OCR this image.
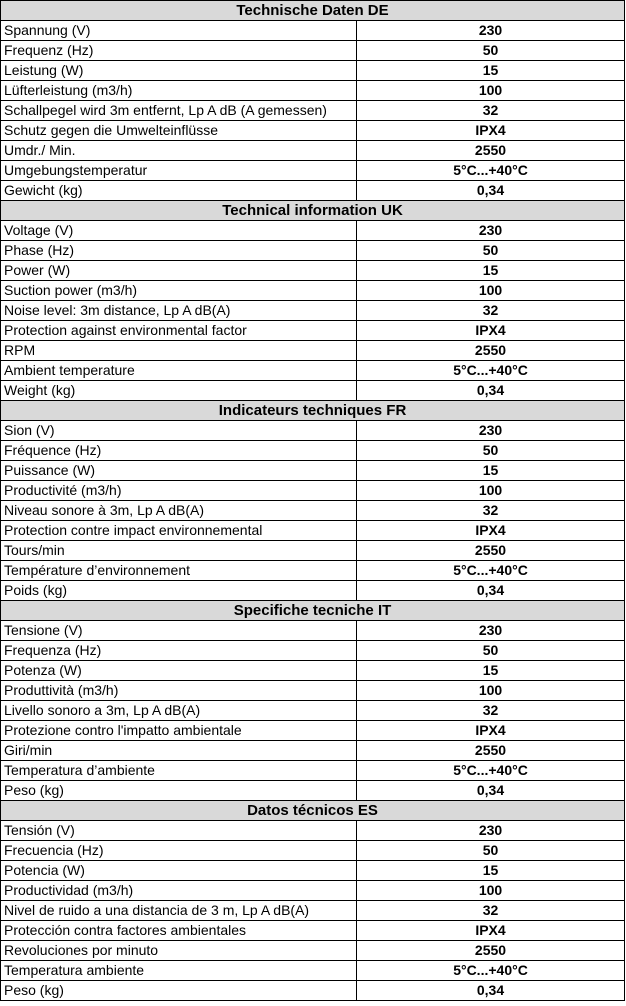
Technische Daten DE	
Spannung (V)	230
Frequenz (Hz)	50
Leistung (W)	15
Lüfterleistung (m3/h)	100
Schallpegel wird 3m entfernt, Lp A dB (A gemessen)	32
Schutz gegen die Umwelteinflüsse	IPX4
Umdr./ Min.	2550
Umgebungstemperatur	5°C...+40°C
Gewicht (kg)	0,34
Technical information UK	
Voltage (V)	230
Phase (Hz)	50
Power (W)	15
Suction power (m3/h)	100
Noise level: 3m distance, Lp A dB(A)	32
Protection against environmental factor	IPX4
RPM	2550
Ambient temperature	5°C...+40°C
Weight (kg)	0,34
Indicateurs techniques FR	
Sion (V)	230
Fréquence (Hz)	50
Puissance (W)	15
Productivité (m3/h)	100
Niveau sonore à 3m, Lp A dB(A)	32
Protection contre impact environnemental	IPX4
Tours/min	2550
Température d’environnement	5°C...+40°C
Poids (kg)	0,34
Specifiche tecniche IT	
Tensione (V)	230
Frequenza (Hz)	50
Potenza (W)	15
Produttività (m3/h)	100
Livello sonoro a 3m, Lp A dB(A)	32
Protezione contro l'impatto ambientale	IPX4
Giri/min	2550
Temperatura d’ambiente	5°C...+40°C
Peso (kg)	0,34
Datos técnicos ES	
Tensión (V)	230
Frecuencia (Hz)	50
Potencia (W)	15
Productividad (m3/h)	100
Nivel de ruido a una distancia de 3 m, Lp A dB(A)	32
Protección contra factores ambientales	IPX4
Revoluciones por minuto	2550
Temperatura ambiente	5°C...+40°C
Peso (kg)	0,34
